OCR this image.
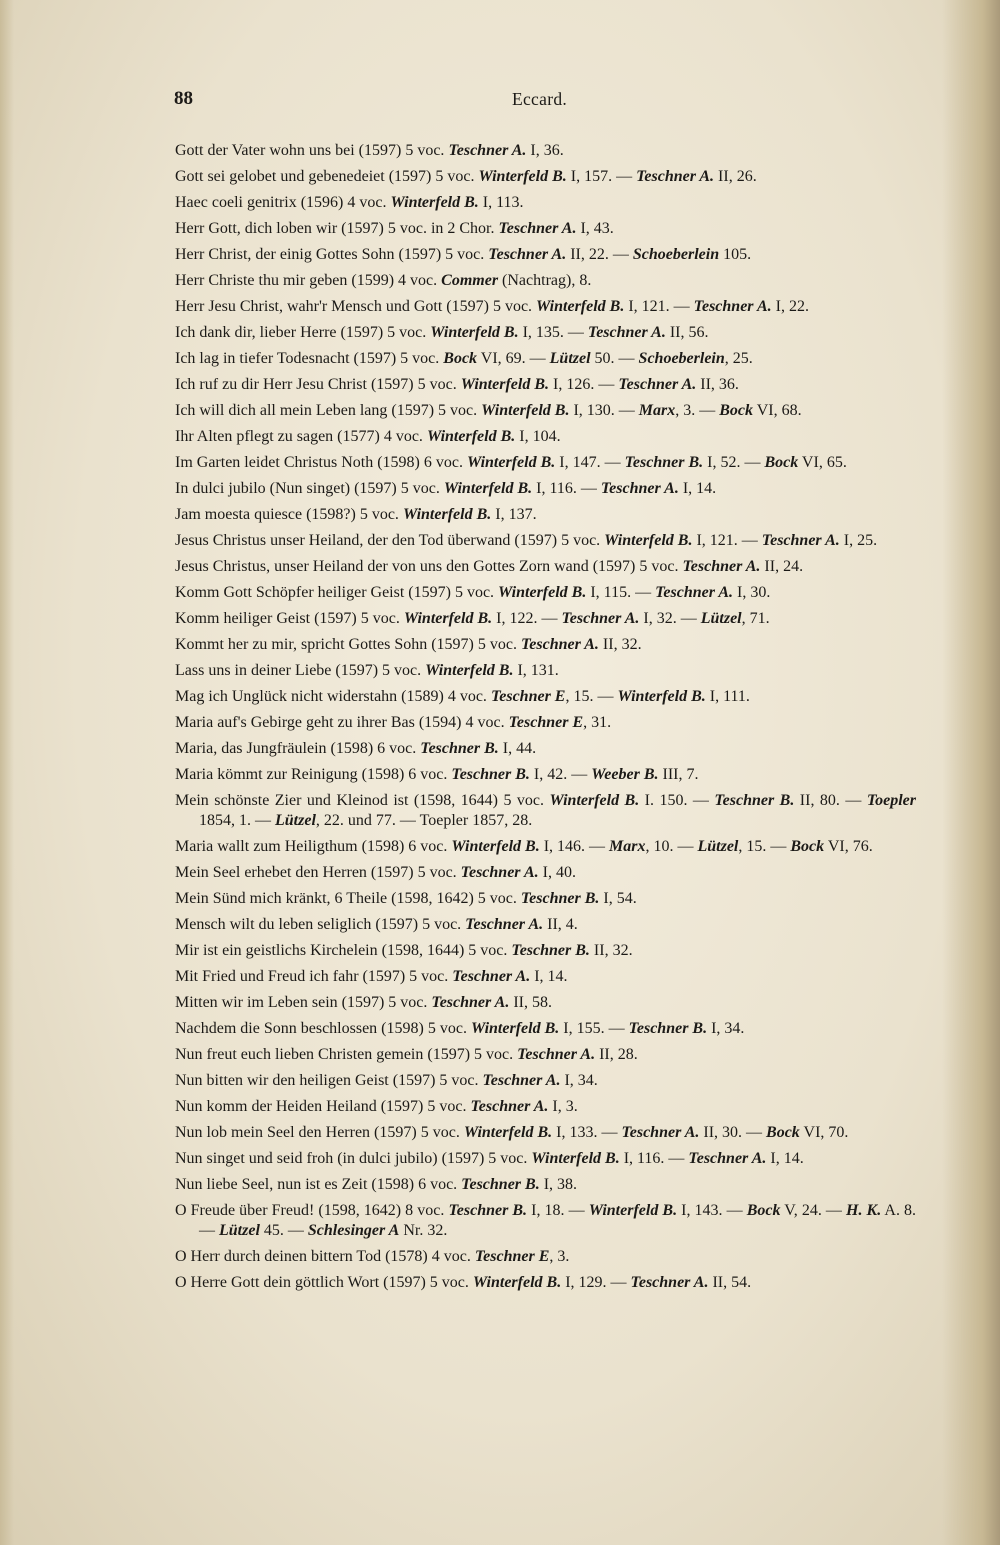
88	Eccard.

Gott der Vater wohn uns bei (1597) 5 voc. Teschner A. I, 36.

Gott sei gelobet und gebenedeiet (1597) 5 voc. Winterfeld B. I, 157. — Teschner A. II, 26.

Haec coeli genitrix (1596) 4 voc. Winterfeld B. I, 113.

Herr Gott, dich loben wir (1597) 5 voc. in 2 Chor. Teschner A. I, 43.

Herr Christ, der einig Gottes Sohn (1597) 5 voc. Teschner A. II, 22. — Schoeberlein 105.

Herr Christe thu mir geben (1599) 4 voc. Commer (Nachtrag), 8.

Herr Jesu Christ, wahr'r Mensch und Gott (1597) 5 voc. Winterfeld B. I, 121. — Teschner A. I, 22.

Ich dank dir, lieber Herre (1597) 5 voc. Winterfeld B. I, 135. — Teschner A. II, 56.

Ich lag in tiefer Todesnacht (1597) 5 voc. Bock VI, 69. — Lützel 50. — Schoeberlein, 25.

Ich ruf zu dir Herr Jesu Christ (1597) 5 voc. Winterfeld B. I, 126. — Teschner A. II, 36.

Ich will dich all mein Leben lang (1597) 5 voc. Winterfeld B. I, 130. — Marx, 3. — Bock VI, 68.

Ihr Alten pflegt zu sagen (1577) 4 voc. Winterfeld B. I, 104.

Im Garten leidet Christus Noth (1598) 6 voc. Winterfeld B. I, 147. — Teschner B. I, 52. — Bock VI, 65.

In dulci jubilo (Nun singet) (1597) 5 voc. Winterfeld B. I, 116. — Teschner A. I, 14.

Jam moesta quiesce (1598?) 5 voc. Winterfeld B. I, 137.

Jesus Christus unser Heiland, der den Tod überwand (1597) 5 voc. Winterfeld B. I, 121. — Teschner A. I, 25.

Jesus Christus, unser Heiland der von uns den Gottes Zorn wand (1597) 5 voc. Teschner A. II, 24.

Komm Gott Schöpfer heiliger Geist (1597) 5 voc. Winterfeld B. I, 115. — Teschner A. I, 30.

Komm heiliger Geist (1597) 5 voc. Winterfeld B. I, 122. — Teschner A. I, 32. — Lützel, 71.

Kommt her zu mir, spricht Gottes Sohn (1597) 5 voc. Teschner A. II, 32.

Lass uns in deiner Liebe (1597) 5 voc. Winterfeld B. I, 131.

Mag ich Unglück nicht widerstahn (1589) 4 voc. Teschner E, 15. — Winterfeld B. I, 111.

Maria auf's Gebirge geht zu ihrer Bas (1594) 4 voc. Teschner E, 31.

Maria, das Jungfräulein (1598) 6 voc. Teschner B. I, 44.

Maria kömmt zur Reinigung (1598) 6 voc. Teschner B. I, 42. — Weeber B. III, 7.

Mein schönste Zier und Kleinod ist (1598, 1644) 5 voc. Winterfeld B. I. 150. — Teschner B. II, 80. — Toepler 1854, 1. — Lützel, 22. und 77. — Toepler 1857, 28.

Maria wallt zum Heiligthum (1598) 6 voc. Winterfeld B. I, 146. — Marx, 10. — Lützel, 15. — Bock VI, 76.

Mein Seel erhebet den Herren (1597) 5 voc. Teschner A. I, 40.

Mein Sünd mich kränkt, 6 Theile (1598, 1642) 5 voc. Teschner B. I, 54.

Mensch wilt du leben seliglich (1597) 5 voc. Teschner A. II, 4.

Mir ist ein geistlichs Kirchelein (1598, 1644) 5 voc. Teschner B. II, 32.

Mit Fried und Freud ich fahr (1597) 5 voc. Teschner A. I, 14.

Mitten wir im Leben sein (1597) 5 voc. Teschner A. II, 58.

Nachdem die Sonn beschlossen (1598) 5 voc. Winterfeld B. I, 155. — Teschner B. I, 34.

Nun freut euch lieben Christen gemein (1597) 5 voc. Teschner A. II, 28.

Nun bitten wir den heiligen Geist (1597) 5 voc. Teschner A. I, 34.

Nun komm der Heiden Heiland (1597) 5 voc. Teschner A. I, 3.

Nun lob mein Seel den Herren (1597) 5 voc. Winterfeld B. I, 133. — Teschner A. II, 30. — Bock VI, 70.

Nun singet und seid froh (in dulci jubilo) (1597) 5 voc. Winterfeld B. I, 116. — Teschner A. I, 14.

Nun liebe Seel, nun ist es Zeit (1598) 6 voc. Teschner B. I, 38.

O Freude über Freud! (1598, 1642) 8 voc. Teschner B. I, 18. — Winterfeld B. I, 143. — Bock V, 24. — H. K. A. 8. — Lützel 45. — Schlesinger A Nr. 32.

O Herr durch deinen bittern Tod (1578) 4 voc. Teschner E, 3.

O Herre Gott dein göttlich Wort (1597) 5 voc. Winterfeld B. I, 129. — Teschner A. II, 54.
